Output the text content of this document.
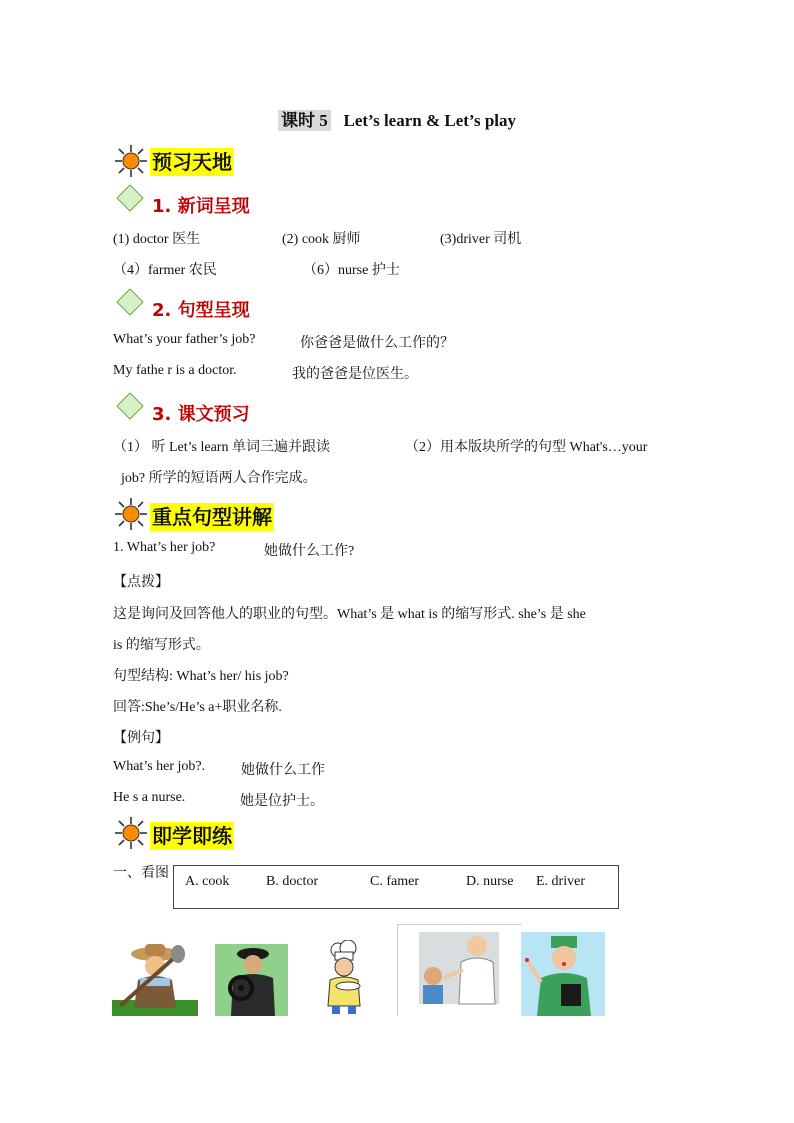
课时 5 Let’s learn & Let’s play
预习天地
1. 新词呈现
(1) doctor 医生	(2) cook 厨师	(3)driver 司机
（4）farmer 农民	（6）nurse 护士
2. 句型呈现
What’s your father’s job?	你爸爸是做什么工作的？
My fathe r is a doctor.	我的爸爸是位医生。
3. 课文预习
（1） 听 Let’s learn 单词三遍并跟读	（2）用本版块所学的句型 What's…your
job? 所学的短语两人合作完成。
重点句型讲解
1. What’s her job?	她做什么工作?
【点拨】
这是询问及回答他人的职业的句型。What’s 是 what is 的缩写形式. she’s 是 she
is 的缩写形式。
句型结构: What’s her/ his job?
回答:She’s/He’s a+职业名称.
【例句】
What’s her job?.	她做什么工作
He s a nurse.	她是位护士。
即学即练
一、看图
A. cook	B. doctor	C. famer	D. nurse E. driver
